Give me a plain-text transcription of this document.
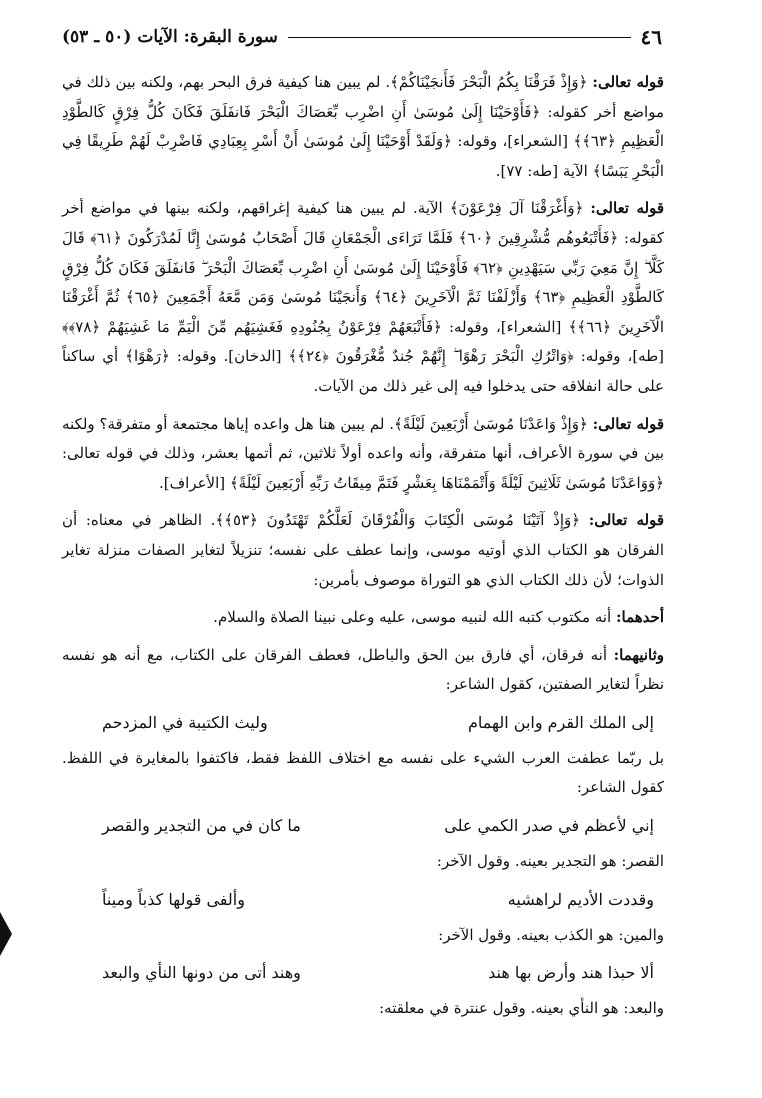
٤٦
سورة البقرة: الآيات (٥٠ ـ ٥٣)

قوله تعالى: ﴿وَإِذْ فَرَقْنَا بِكُمُ الْبَحْرَ فَأَنجَيْنَاكُمْ﴾. لم يبين هنا كيفية فرق البحر بهم، ولكنه بين ذلك في مواضع أخر كقوله: ﴿فَأَوْحَيْنَا إِلَىٰ مُوسَىٰ أَنِ اضْرِب بِّعَصَاكَ الْبَحْرَ فَانفَلَقَ فَكَانَ كُلُّ فِرْقٍ كَالطَّوْدِ الْعَظِيمِ ﴿٦٣﴾﴾ [الشعراء]، وقوله: ﴿وَلَقَدْ أَوْحَيْنَا إِلَىٰ مُوسَىٰ أَنْ أَسْرِ بِعِبَادِي فَاضْرِبْ لَهُمْ طَرِيقًا فِي الْبَحْرِ يَبَسًا﴾ الآية [طه: ٧٧].

قوله تعالى: ﴿وَأَغْرَقْنَا آلَ فِرْعَوْنَ﴾ الآية. لم يبين هنا كيفية إغراقهم، ولكنه بينها في مواضع أخر كقوله: ﴿فَأَتْبَعُوهُم مُّشْرِقِينَ ﴿٦٠﴾ فَلَمَّا تَرَاءَى الْجَمْعَانِ قَالَ أَصْحَابُ مُوسَىٰ إِنَّا لَمُدْرَكُونَ ﴿٦١﴾ قَالَ كَلَّا ۖ إِنَّ مَعِيَ رَبِّي سَيَهْدِينِ ﴿٦٢﴾ فَأَوْحَيْنَا إِلَىٰ مُوسَىٰ أَنِ اضْرِب بِّعَصَاكَ الْبَحْرَ ۖ فَانفَلَقَ فَكَانَ كُلُّ فِرْقٍ كَالطَّوْدِ الْعَظِيمِ ﴿٦٣﴾ وَأَزْلَفْنَا ثَمَّ الْآخَرِينَ ﴿٦٤﴾ وَأَنجَيْنَا مُوسَىٰ وَمَن مَّعَهُ أَجْمَعِينَ ﴿٦٥﴾ ثُمَّ أَغْرَقْنَا الْآخَرِينَ ﴿٦٦﴾﴾ [الشعراء]، وقوله: ﴿فَأَتْبَعَهُمْ فِرْعَوْنُ بِجُنُودِهِ فَغَشِيَهُم مِّنَ الْيَمِّ مَا غَشِيَهُمْ ﴿٧٨﴾﴾ [طه]، وقوله: ﴿وَاتْرُكِ الْبَحْرَ رَهْوًا ۖ إِنَّهُمْ جُندٌ مُّغْرَقُونَ ﴿٢٤﴾﴾ [الدخان]. وقوله: ﴿رَهْوًا﴾ أي ساكناً على حالة انفلاقه حتى يدخلوا فيه إلى غير ذلك من الآيات.

قوله تعالى: ﴿وَإِذْ وَاعَدْنَا مُوسَىٰ أَرْبَعِينَ لَيْلَةً﴾. لم يبين هنا هل واعده إياها مجتمعة أو متفرقة؟ ولكنه بين في سورة الأعراف، أنها متفرقة، وأنه واعده أولاً ثلاثين، ثم أتمها بعشر، وذلك في قوله تعالى: ﴿وَوَاعَدْنَا مُوسَىٰ ثَلَاثِينَ لَيْلَةً وَأَتْمَمْنَاهَا بِعَشْرٍ فَتَمَّ مِيقَاتُ رَبِّهِ أَرْبَعِينَ لَيْلَةً﴾ [الأعراف].

قوله تعالى: ﴿وَإِذْ آتَيْنَا مُوسَى الْكِتَابَ وَالْفُرْقَانَ لَعَلَّكُمْ تَهْتَدُونَ ﴿٥٣﴾﴾. الظاهر في معناه: أن الفرقان هو الكتاب الذي أوتيه موسى، وإنما عطف على نفسه؛ تنزيلاً لتغاير الصفات منزلة تغاير الذوات؛ لأن ذلك الكتاب الذي هو التوراة موصوف بأمرين:

أحدهما: أنه مكتوب كتبه الله لنبيه موسى، عليه وعلى نبينا الصلاة والسلام.

وثانيهما: أنه فرقان، أي فارق بين الحق والباطل، فعطف الفرقان على الكتاب، مع أنه هو نفسه نظراً لتغاير الصفتين، كقول الشاعر:

إلى الملك القرم وابن الهمام
وليث الكتيبة في المزدحم

بل ربّما عطفت العرب الشيء على نفسه مع اختلاف اللفظ فقط، فاكتفوا بالمغايرة في اللفظ. كقول الشاعر:

إني لأعظم في صدر الكمي على
ما كان في من التجدير والقصر

القصر: هو التجدير بعينه. وقول الآخر:

وقددت الأديم لراهشيه
وألفى قولها كذباً وميناً

والمين: هو الكذب بعينه. وقول الآخر:

ألا حبذا هند وأرض بها هند
وهند أتى من دونها النأي والبعد

والبعد: هو النأي بعينه. وقول عنترة في معلقته:
